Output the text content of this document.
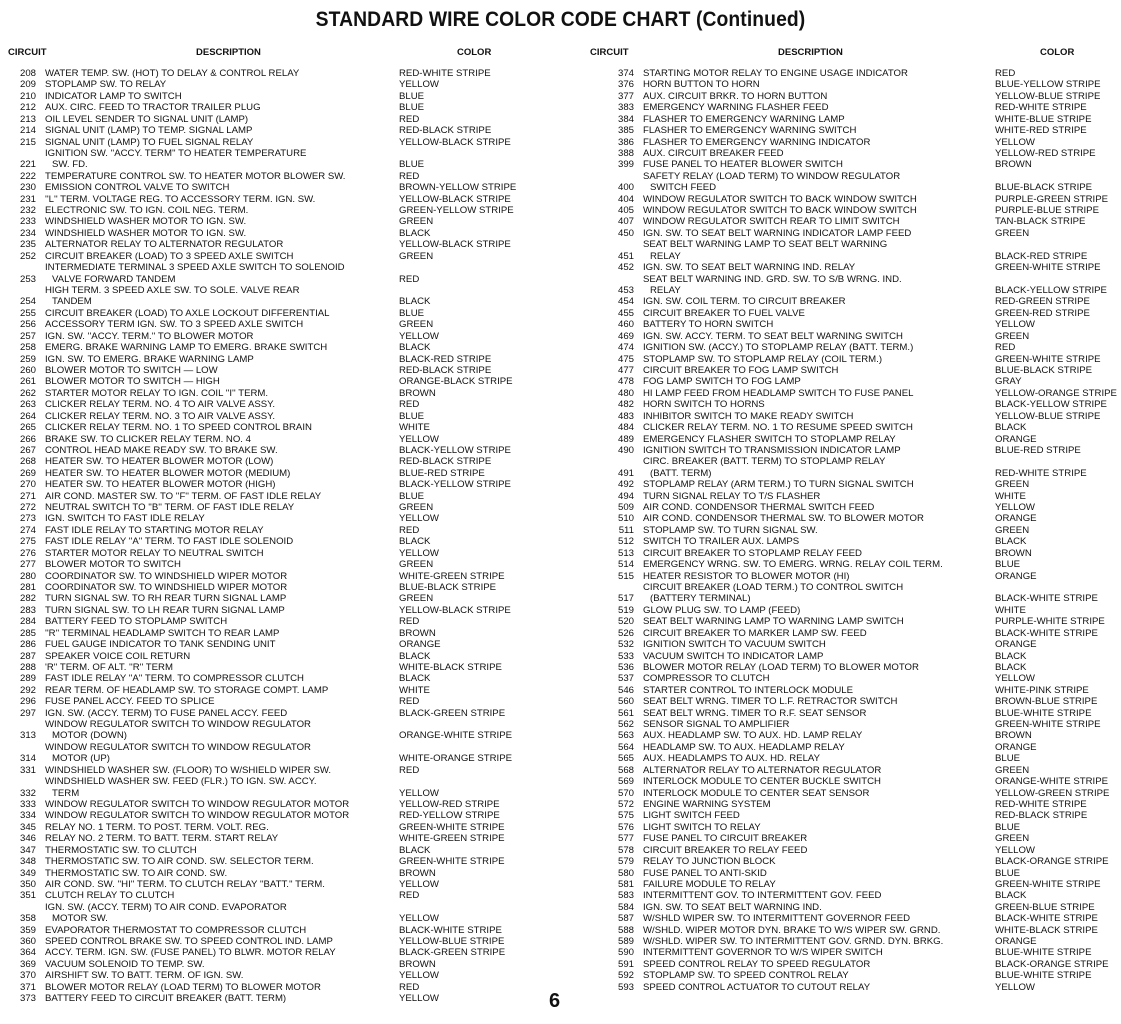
STANDARD WIRE COLOR CODE CHART (Continued)
CIRCUIT	DESCRIPTION	COLOR	CIRCUIT	DESCRIPTION	COLOR
208 WATER TEMP. SW. (HOT) TO DELAY & CONTROL RELAY	RED-WHITE STRIPE
209 STOPLAMP SW. TO RELAY	YELLOW
210 INDICATOR LAMP TO SWITCH	BLUE
212 AUX. CIRC. FEED TO TRACTOR TRAILER PLUG	BLUE
213 OIL LEVEL SENDER TO SIGNAL UNIT (LAMP)	RED
214 SIGNAL UNIT (LAMP) TO TEMP. SIGNAL LAMP	RED-BLACK STRIPE
215 SIGNAL UNIT (LAMP) TO FUEL SIGNAL RELAY	YELLOW-BLACK STRIPE
221
IGNITION SW. ''ACCY. TERM'' TO HEATER TEMPERATURE
SW. FD.	BLUE
222 TEMPERATURE CONTROL SW. TO HEATER MOTOR BLOWER SW.	RED
230 EMISSION CONTROL VALVE TO SWITCH	BROWN-YELLOW STRIPE
231 ''L'' TERM. VOLTAGE REG. TO ACCESSORY TERM. IGN. SW.	YELLOW-BLACK STRIPE
232 ELECTRONIC SW. TO IGN. COIL NEG. TERM.	GREEN-YELLOW STRIPE
233 WINDSHIELD WASHER MOTOR TO IGN. SW.	GREEN
234 WINDSHIELD WASHER MOTOR TO IGN. SW.	BLACK
235 ALTERNATOR RELAY TO ALTERNATOR REGULATOR	YELLOW-BLACK STRIPE
252 CIRCUIT BREAKER (LOAD) TO 3 SPEED AXLE SWITCH	GREEN
253
INTERMEDIATE TERMINAL 3 SPEED AXLE SWITCH TO SOLENOID
VALVE FORWARD TANDEM	RED
254
HIGH TERM. 3 SPEED AXLE SW. TO SOLE. VALVE REAR
TANDEM	BLACK
255 CIRCUIT BREAKER (LOAD) TO AXLE LOCKOUT DIFFERENTIAL	BLUE
256 ACCESSORY TERM IGN. SW. TO 3 SPEED AXLE SWITCH	GREEN
257 IGN. SW. ''ACCY. TERM.'' TO BLOWER MOTOR	YELLOW
258 EMERG. BRAKE WARNING LAMP TO EMERG. BRAKE SWITCH	BLACK
259 IGN. SW. TO EMERG. BRAKE WARNING LAMP	BLACK-RED STRIPE
260 BLOWER MOTOR TO SWITCH — LOW	RED-BLACK STRIPE
261 BLOWER MOTOR TO SWITCH — HIGH	ORANGE-BLACK STRIPE
262 STARTER MOTOR RELAY TO IGN. COIL ''I'' TERM.	BROWN
263 CLICKER RELAY TERM. NO. 4 TO AIR VALVE ASSY.	RED
264 CLICKER RELAY TERM. NO. 3 TO AIR VALVE ASSY.	BLUE
265 CLICKER RELAY TERM. NO. 1 TO SPEED CONTROL BRAIN	WHITE
266 BRAKE SW. TO CLICKER RELAY TERM. NO. 4	YELLOW
267 CONTROL HEAD MAKE READY SW. TO BRAKE SW.	BLACK-YELLOW STRIPE
268 HEATER SW. TO HEATER BLOWER MOTOR (LOW)	RED-BLACK STRIPE
269 HEATER SW. TO HEATER BLOWER MOTOR (MEDIUM)	BLUE-RED STRIPE
270 HEATER SW. TO HEATER BLOWER MOTOR (HIGH)	BLACK-YELLOW STRIPE
271 AIR COND. MASTER SW. TO ''F'' TERM. OF FAST IDLE RELAY	BLUE
272 NEUTRAL SWITCH TO ''B'' TERM. OF FAST IDLE RELAY	GREEN
273 IGN. SWITCH TO FAST IDLE RELAY	YELLOW
274 FAST IDLE RELAY TO STARTING MOTOR RELAY	RED
275 FAST IDLE RELAY ''A'' TERM. TO FAST IDLE SOLENOID	BLACK
276 STARTER MOTOR RELAY TO NEUTRAL SWITCH	YELLOW
277 BLOWER MOTOR TO SWITCH	GREEN
280 COORDINATOR SW. TO WINDSHIELD WIPER MOTOR	WHITE-GREEN STRIPE
281 COORDINATOR SW. TO WINDSHIELD WIPER MOTOR	BLUE-BLACK STRIPE
282 TURN SIGNAL SW. TO RH REAR TURN SIGNAL LAMP	GREEN
283 TURN SIGNAL SW. TO LH REAR TURN SIGNAL LAMP	YELLOW-BLACK STRIPE
284 BATTERY FEED TO STOPLAMP SWITCH	RED
285 ''R'' TERMINAL HEADLAMP SWITCH TO REAR LAMP	BROWN
286 FUEL GAUGE INDICATOR TO TANK SENDING UNIT	ORANGE
287 SPEAKER VOICE COIL RETURN	BLACK
288 'R'' TERM. OF ALT. ''R'' TERM	WHITE-BLACK STRIPE
289 FAST IDLE RELAY ''A'' TERM. TO COMPRESSOR CLUTCH	BLACK
292 REAR TERM. OF HEADLAMP SW. TO STORAGE COMPT. LAMP	WHITE
296 FUSE PANEL ACCY. FEED TO SPLICE	RED
297 IGN. SW. (ACCY. TERM) TO FUSE PANEL ACCY. FEED	BLACK-GREEN STRIPE
313
WINDOW REGULATOR SWITCH TO WINDOW REGULATOR
MOTOR (DOWN)	ORANGE-WHITE STRIPE
314
WINDOW REGULATOR SWITCH TO WINDOW REGULATOR
MOTOR (UP)	WHITE-ORANGE STRIPE
331 WINDSHIELD WASHER SW. (FLOOR) TO W/SHIELD WIPER SW.	RED
332
WINDSHIELD WASHER SW. FEED (FLR.) TO IGN. SW. ACCY.
TERM	YELLOW
333 WINDOW REGULATOR SWITCH TO WINDOW REGULATOR MOTOR	YELLOW-RED STRIPE
334 WINDOW REGULATOR SWITCH TO WINDOW REGULATOR MOTOR	RED-YELLOW STRIPE
345 RELAY NO. 1 TERM. TO POST. TERM. VOLT. REG.	GREEN-WHITE STRIPE
346 RELAY NO. 2 TERM. TO BATT. TERM. START RELAY	WHITE-GREEN STRIPE
347 THERMOSTATIC SW. TO CLUTCH	BLACK
348 THERMOSTATIC SW. TO AIR COND. SW. SELECTOR TERM.	GREEN-WHITE STRIPE
349 THERMOSTATIC SW. TO AIR COND. SW.	BROWN
350 AIR COND. SW. ''HI'' TERM. TO CLUTCH RELAY ''BATT.'' TERM.	YELLOW
351 CLUTCH RELAY TO CLUTCH	RED
358
IGN. SW. (ACCY. TERM) TO AIR COND. EVAPORATOR
MOTOR SW.	YELLOW
359 EVAPORATOR THERMOSTAT TO COMPRESSOR CLUTCH	BLACK-WHITE STRIPE
360 SPEED CONTROL BRAKE SW. TO SPEED CONTROL IND. LAMP	YELLOW-BLUE STRIPE
364 ACCY. TERM. IGN. SW. (FUSE PANEL) TO BLWR. MOTOR RELAY	BLACK-GREEN STRIPE
369 VACUUM SOLENOID TO TEMP. SW.	BROWN
370 AIRSHIFT SW. TO BATT. TERM. OF IGN. SW.	YELLOW
371 BLOWER MOTOR RELAY (LOAD TERM) TO BLOWER MOTOR	RED
373 BATTERY FEED TO CIRCUIT BREAKER (BATT. TERM)	YELLOW
374 STARTING MOTOR RELAY TO ENGINE USAGE INDICATOR	RED
376 HORN BUTTON TO HORN	BLUE-YELLOW STRIPE
377 AUX. CIRCUIT BRKR. TO HORN BUTTON	YELLOW-BLUE STRIPE
383 EMERGENCY WARNING FLASHER FEED	RED-WHITE STRIPE
384 FLASHER TO EMERGENCY WARNING LAMP	WHITE-BLUE STRIPE
385 FLASHER TO EMERGENCY WARNING SWITCH	WHITE-RED STRIPE
386 FLASHER TO EMERGENCY WARNING INDICATOR	YELLOW
388 AUX. CIRCUIT BREAKER FEED	YELLOW-RED STRIPE
399 FUSE PANEL TO HEATER BLOWER SWITCH	BROWN
400
SAFETY RELAY (LOAD TERM) TO WINDOW REGULATOR
SWITCH FEED	BLUE-BLACK STRIPE
404 WINDOW REGULATOR SWITCH TO BACK WINDOW SWITCH	PURPLE-GREEN STRIPE
405 WINDOW REGULATOR SWITCH TO BACK WINDOW SWITCH	PURPLE-BLUE STRIPE
407 WINDOW REGULATOR SWITCH REAR TO LIMIT SWITCH	TAN-BLACK STRIPE
450 IGN. SW. TO SEAT BELT WARNING INDICATOR LAMP FEED	GREEN
451
SEAT BELT WARNING LAMP TO SEAT BELT WARNING
RELAY	BLACK-RED STRIPE
452 IGN. SW. TO SEAT BELT WARNING IND. RELAY	GREEN-WHITE STRIPE
453
SEAT BELT WARNING IND. GRD. SW. TO S/B WRNG. IND.
RELAY	BLACK-YELLOW STRIPE
454 IGN. SW. COIL TERM. TO CIRCUIT BREAKER	RED-GREEN STRIPE
455 CIRCUIT BREAKER TO FUEL VALVE	GREEN-RED STRIPE
460 BATTERY TO HORN SWITCH	YELLOW
469 IGN. SW. ACCY. TERM. TO SEAT BELT WARNING SWITCH	GREEN
474 IGNITION SW. (ACCY.) TO STOPLAMP RELAY (BATT. TERM.)	RED
475 STOPLAMP SW. TO STOPLAMP RELAY (COIL TERM.)	GREEN-WHITE STRIPE
477 CIRCUIT BREAKER TO FOG LAMP SWITCH	BLUE-BLACK STRIPE
478 FOG LAMP SWITCH TO FOG LAMP	GRAY
480 HI LAMP FEED FROM HEADLAMP SWITCH TO FUSE PANEL	YELLOW-ORANGE STRIPE
482 HORN SWITCH TO HORNS	BLACK-YELLOW STRIPE
483 INHIBITOR SWITCH TO MAKE READY SWITCH	YELLOW-BLUE STRIPE
484 CLICKER RELAY TERM. NO. 1 TO RESUME SPEED SWITCH	BLACK
489 EMERGENCY FLASHER SWITCH TO STOPLAMP RELAY	ORANGE
490 IGNITION SWITCH TO TRANSMISSION INDICATOR LAMP	BLUE-RED STRIPE
491
CIRC. BREAKER (BATT. TERM) TO STOPLAMP RELAY
(BATT. TERM)	RED-WHITE STRIPE
492 STOPLAMP RELAY (ARM TERM.) TO TURN SIGNAL SWITCH	GREEN
494 TURN SIGNAL RELAY TO T/S FLASHER	WHITE
509 AIR COND. CONDENSOR THERMAL SWITCH FEED	YELLOW
510 AIR COND. CONDENSOR THERMAL SW. TO BLOWER MOTOR	ORANGE
511 STOPLAMP SW. TO TURN SIGNAL SW.	GREEN
512 SWITCH TO TRAILER AUX. LAMPS	BLACK
513 CIRCUIT BREAKER TO STOPLAMP RELAY FEED	BROWN
514 EMERGENCY WRNG. SW. TO EMERG. WRNG. RELAY COIL TERM.	BLUE
515 HEATER RESISTOR TO BLOWER MOTOR (HI)	ORANGE
517
CIRCUIT BREAKER (LOAD TERM.) TO CONTROL SWITCH
(BATTERY TERMINAL)	BLACK-WHITE STRIPE
519 GLOW PLUG SW. TO LAMP (FEED)	WHITE
520 SEAT BELT WARNING LAMP TO WARNING LAMP SWITCH	PURPLE-WHITE STRIPE
526 CIRCUIT BREAKER TO MARKER LAMP SW. FEED	BLACK-WHITE STRIPE
532 IGNITION SWITCH TO VACUUM SWITCH	ORANGE
533 VACUUM SWITCH TO INDICATOR LAMP	BLACK
536 BLOWER MOTOR RELAY (LOAD TERM) TO BLOWER MOTOR	BLACK
537 COMPRESSOR TO CLUTCH	YELLOW
546 STARTER CONTROL TO INTERLOCK MODULE	WHITE-PINK STRIPE
560 SEAT BELT WRNG. TIMER TO L.F. RETRACTOR SWITCH	BROWN-BLUE STRIPE
561 SEAT BELT WRNG. TIMER TO R.F. SEAT SENSOR	BLUE-WHITE STRIPE
562 SENSOR SIGNAL TO AMPLIFIER	GREEN-WHITE STRIPE
563 AUX. HEADLAMP SW. TO AUX. HD. LAMP RELAY	BROWN
564 HEADLAMP SW. TO AUX. HEADLAMP RELAY	ORANGE
565 AUX. HEADLAMPS TO AUX. HD. RELAY	BLUE
568 ALTERNATOR RELAY TO ALTERNATOR REGULATOR	GREEN
569 INTERLOCK MODULE TO CENTER BUCKLE SWITCH	ORANGE-WHITE STRIPE
570 INTERLOCK MODULE TO CENTER SEAT SENSOR	YELLOW-GREEN STRIPE
572 ENGINE WARNING SYSTEM	RED-WHITE STRIPE
575 LIGHT SWITCH FEED	RED-BLACK STRIPE
576 LIGHT SWITCH TO RELAY	BLUE
577 FUSE PANEL TO CIRCUIT BREAKER	GREEN
578 CIRCUIT BREAKER TO RELAY FEED	YELLOW
579 RELAY TO JUNCTION BLOCK	BLACK-ORANGE STRIPE
580 FUSE PANEL TO ANTI-SKID	BLUE
581 FAILURE MODULE TO RELAY	GREEN-WHITE STRIPE
583 INTERMITTENT GOV. TO INTERMITTENT GOV. FEED	BLACK
584 IGN. SW. TO SEAT BELT WARNING IND.	GREEN-BLUE STRIPE
587 W/SHLD WIPER SW. TO INTERMITTENT GOVERNOR FEED	BLACK-WHITE STRIPE
588 W/SHLD. WIPER MOTOR DYN. BRAKE TO W/S WIPER SW. GRND.	WHITE-BLACK STRIPE
589 W/SHLD. WIPER SW. TO INTERMITTENT GOV. GRND. DYN. BRKG.	ORANGE
590 INTERMITTENT GOVERNOR TO W/S WIPER SWITCH	BLUE-WHITE STRIPE
591 SPEED CONTROL RELAY TO SPEED REGULATOR	BLACK-ORANGE STRIPE
592 STOPLAMP SW. TO SPEED CONTROL RELAY	BLUE-WHITE STRIPE
593 SPEED CONTROL ACTUATOR TO CUTOUT RELAY	YELLOW
6
